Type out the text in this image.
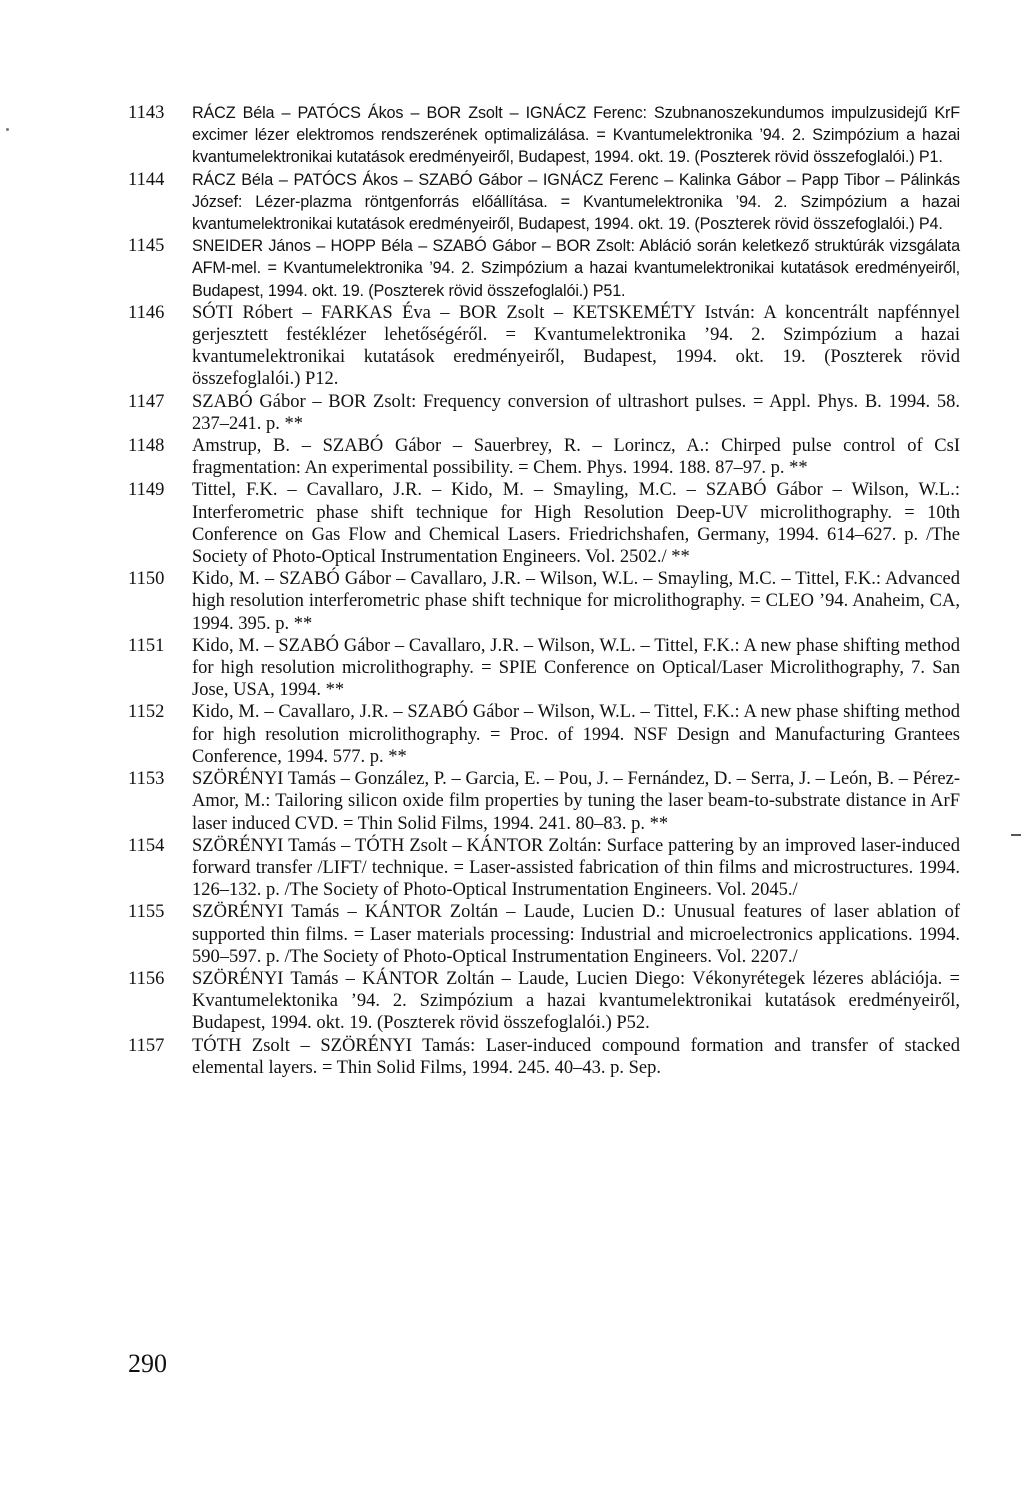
1143	RÁCZ Béla – PATÓCS Ákos – BOR Zsolt – IGNÁCZ Ferenc: Szubnanoszekundumos impulzusidejű KrF excimer lézer elektromos rendszerének optimalizálása. = Kvantumelektronika ’94. 2. Szimpózium a hazai kvantumelektronikai kutatások eredményeiről, Budapest, 1994. okt. 19. (Poszterek rövid összefoglalói.) P1.

1144	RÁCZ Béla – PATÓCS Ákos – SZABÓ Gábor – IGNÁCZ Ferenc – Kalinka Gábor – Papp Tibor – Pálinkás József: Lézer-plazma röntgenforrás előállítása. = Kvantumelektronika ’94. 2. Szimpózium a hazai kvantumelektronikai kutatások eredményeiről, Budapest, 1994. okt. 19. (Poszterek rövid összefoglalói.) P4.

1145	SNEIDER János – HOPP Béla – SZABÓ Gábor – BOR Zsolt: Abláció során keletkező struktúrák vizsgálata AFM-mel. = Kvantumelektronika ’94. 2. Szimpózium a hazai kvantumelektronikai kutatások eredményeiről, Budapest, 1994. okt. 19. (Poszterek rövid összefoglalói.) P51.

1146	SÓTI Róbert – FARKAS Éva – BOR Zsolt – KETSKEMÉTY István: A koncentrált napfénnyel gerjesztett festéklézer lehetőségéről. = Kvantumelektronika ’94. 2. Szimpózium a hazai kvantumelektronikai kutatások eredményeiről, Budapest, 1994. okt. 19. (Poszterek rövid összefoglalói.) P12.

1147	SZABÓ Gábor – BOR Zsolt: Frequency conversion of ultrashort pulses. = Appl. Phys. B. 1994. 58. 237–241. p. **

1148	Amstrup, B. – SZABÓ Gábor – Sauerbrey, R. – Lorincz, A.: Chirped pulse control of CsI fragmentation: An experimental possibility. = Chem. Phys. 1994. 188. 87–97. p. **

1149	Tittel, F.K. – Cavallaro, J.R. – Kido, M. – Smayling, M.C. – SZABÓ Gábor – Wilson, W.L.: Interferometric phase shift technique for High Resolution Deep-UV microlithography. = 10th Conference on Gas Flow and Chemical Lasers. Friedrichshafen, Germany, 1994. 614–627. p. /The Society of Photo-Optical Instrumentation Engineers. Vol. 2502./ **

1150	Kido, M. – SZABÓ Gábor – Cavallaro, J.R. – Wilson, W.L. – Smayling, M.C. – Tittel, F.K.: Advanced high resolution interferometric phase shift technique for microlithography. = CLEO ’94. Anaheim, CA, 1994. 395. p. **

1151	Kido, M. – SZABÓ Gábor – Cavallaro, J.R. – Wilson, W.L. – Tittel, F.K.: A new phase shifting method for high resolution microlithography. = SPIE Conference on Optical/Laser Microlithography, 7. San Jose, USA, 1994. **

1152	Kido, M. – Cavallaro, J.R. – SZABÓ Gábor – Wilson, W.L. – Tittel, F.K.: A new phase shifting method for high resolution microlithography. = Proc. of 1994. NSF Design and Manufacturing Grantees Conference, 1994. 577. p. **

1153	SZÖRÉNYI Tamás – González, P. – Garcia, E. – Pou, J. – Fernández, D. – Serra, J. – León, B. – Pérez-Amor, M.: Tailoring silicon oxide film properties by tuning the laser beam-to-substrate distance in ArF laser induced CVD. = Thin Solid Films, 1994. 241. 80–83. p. **

1154	SZÖRÉNYI Tamás – TÓTH Zsolt – KÁNTOR Zoltán: Surface pattering by an improved laser-induced forward transfer /LIFT/ technique. = Laser-assisted fabrication of thin films and microstructures. 1994. 126–132. p. /The Society of Photo-Optical Instrumentation Engineers. Vol. 2045./

1155	SZÖRÉNYI Tamás – KÁNTOR Zoltán – Laude, Lucien D.: Unusual features of laser ablation of supported thin films. = Laser materials processing: Industrial and microelectronics applications. 1994. 590–597. p. /The Society of Photo-Optical Instrumentation Engineers. Vol. 2207./

1156	SZÖRÉNYI Tamás – KÁNTOR Zoltán – Laude, Lucien Diego: Vékonyrétegek lézeres ablációja. = Kvantumelektonika ’94. 2. Szimpózium a hazai kvantumelektronikai kutatások eredményeiről, Budapest, 1994. okt. 19. (Poszterek rövid összefoglalói.) P52.

1157	TÓTH Zsolt – SZÖRÉNYI Tamás: Laser-induced compound formation and transfer of stacked elemental layers. = Thin Solid Films, 1994. 245. 40–43. p. Sep.

290
